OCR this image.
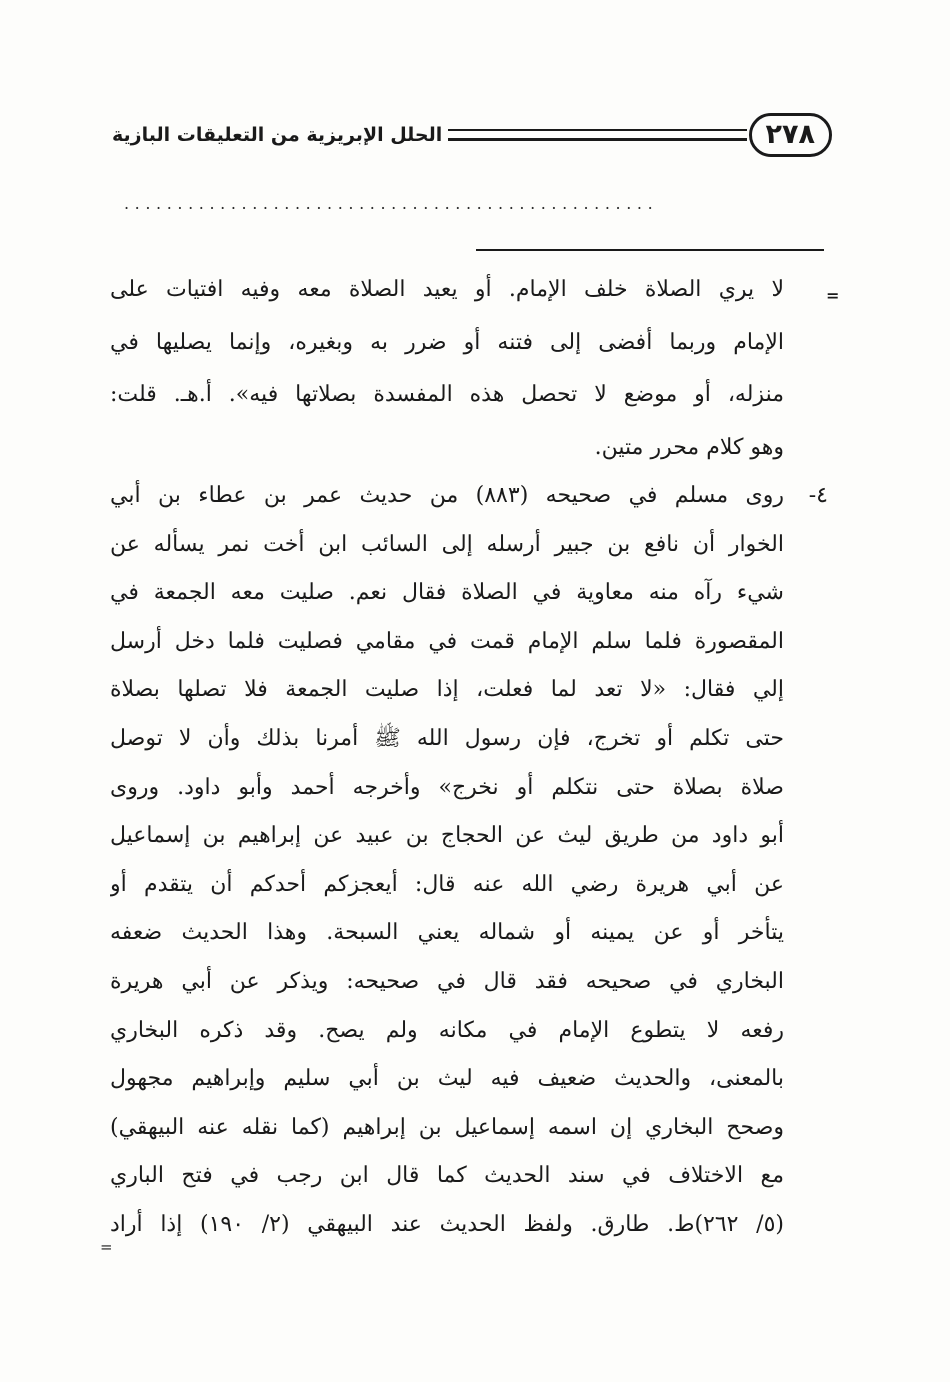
٢٧٨
الحلل الإبريزية من التعليقات البازية
..................................................
=
لا يري الصلاة خلف الإمام. أو يعيد الصلاة معه وفيه افتيات على
الإمام وربما أفضى إلى فتنه أو ضرر به وبغيره، وإنما يصليها في
منزله، أو موضع لا تحصل هذه المفسدة بصلاتها فيه». أ.هـ. قلت:
وهو كلام محرر متين.
٤-
روى مسلم في صحيحه (٨٨٣) من حديث عمر بن عطاء بن أبي
الخوار أن نافع بن جبير أرسله إلى السائب ابن أخت نمر يسأله عن
شيء رآه منه معاوية في الصلاة فقال نعم. صليت معه الجمعة في
المقصورة فلما سلم الإمام قمت في مقامي فصليت فلما دخل أرسل
إلي فقال: «لا تعد لما فعلت، إذا صليت الجمعة فلا تصلها بصلاة
حتى تكلم أو تخرج، فإن رسول الله ﷺ أمرنا بذلك وأن لا توصل
صلاة بصلاة حتى نتكلم أو نخرج» وأخرجه أحمد وأبو داود. وروى
أبو داود من طريق ليث عن الحجاج بن عبيد عن إبراهيم بن إسماعيل
عن أبي هريرة رضي الله عنه قال: أيعجزكم أحدكم أن يتقدم أو
يتأخر أو عن يمينه أو شماله يعني السبحة. وهذا الحديث ضعفه
البخاري في صحيحه فقد قال في صحيحه: ويذكر عن أبي هريرة
رفعه لا يتطوع الإمام في مكانه ولم يصح. وقد ذكره البخاري
بالمعنى، والحديث ضعيف فيه ليث بن أبي سليم وإبراهيم مجهول
وصحح البخاري إن اسمه إسماعيل بن إبراهيم (كما نقله عنه البيهقي)
مع الاختلاف في سند الحديث كما قال ابن رجب في فتح الباري
(٥/ ٢٦٢)ط. طارق. ولفظ الحديث عند البيهقي (٢/ ١٩٠) إذا أراد
=
